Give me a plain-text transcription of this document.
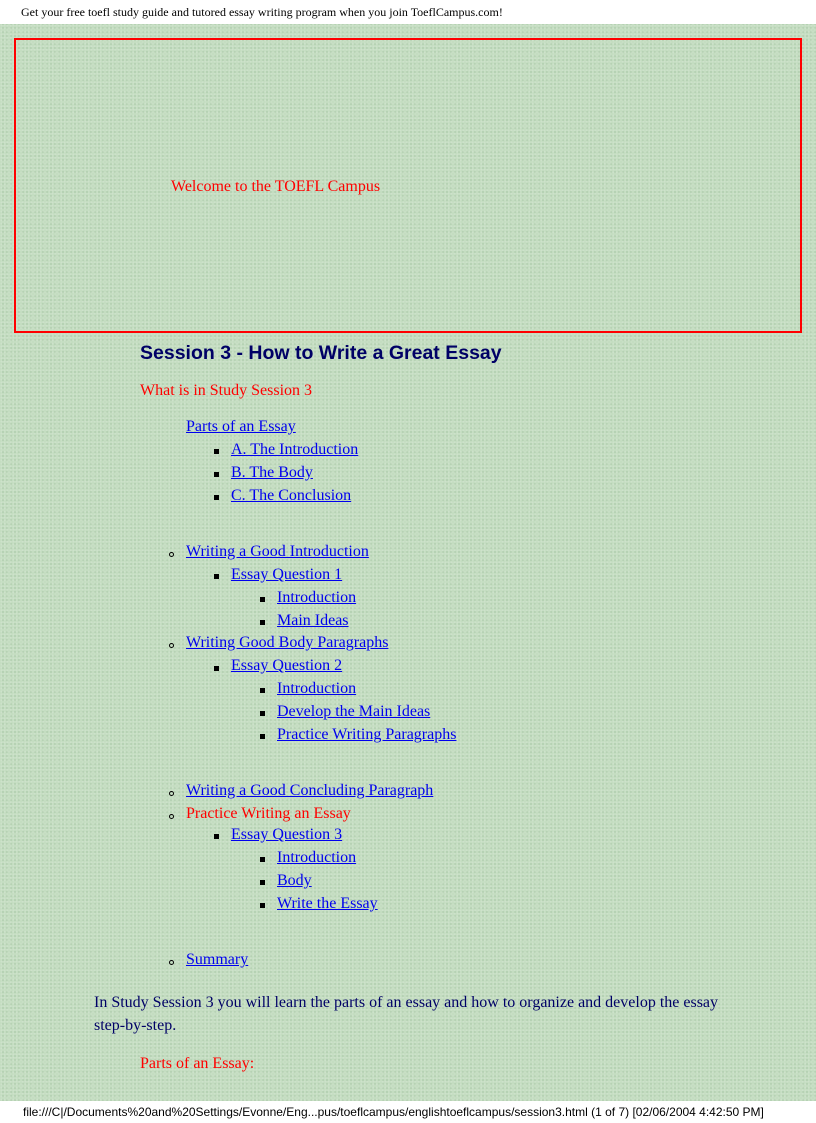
Get your free toefl study guide and tutored essay writing program when you join ToeflCampus.com!
Welcome to the TOEFL Campus
Session 3 - How to Write a Great Essay
What is in Study Session 3
Parts of an Essay
A. The Introduction
B. The Body
C. The Conclusion
Writing a Good Introduction
Essay Question 1
Introduction
Main Ideas
Writing Good Body Paragraphs
Essay Question 2
Introduction
Develop the Main Ideas
Practice Writing Paragraphs
Writing a Good Concluding Paragraph
Practice Writing an Essay
Essay Question 3
Introduction
Body
Write the Essay
Summary

In Study Session 3 you will learn the parts of an essay and how to organize and develop the essay step-by-step.

Parts of an Essay:
file:///C|/Documents%20and%20Settings/Evonne/Eng...pus/toeflcampus/englishtoeflcampus/session3.html (1 of 7) [02/06/2004 4:42:50 PM]
